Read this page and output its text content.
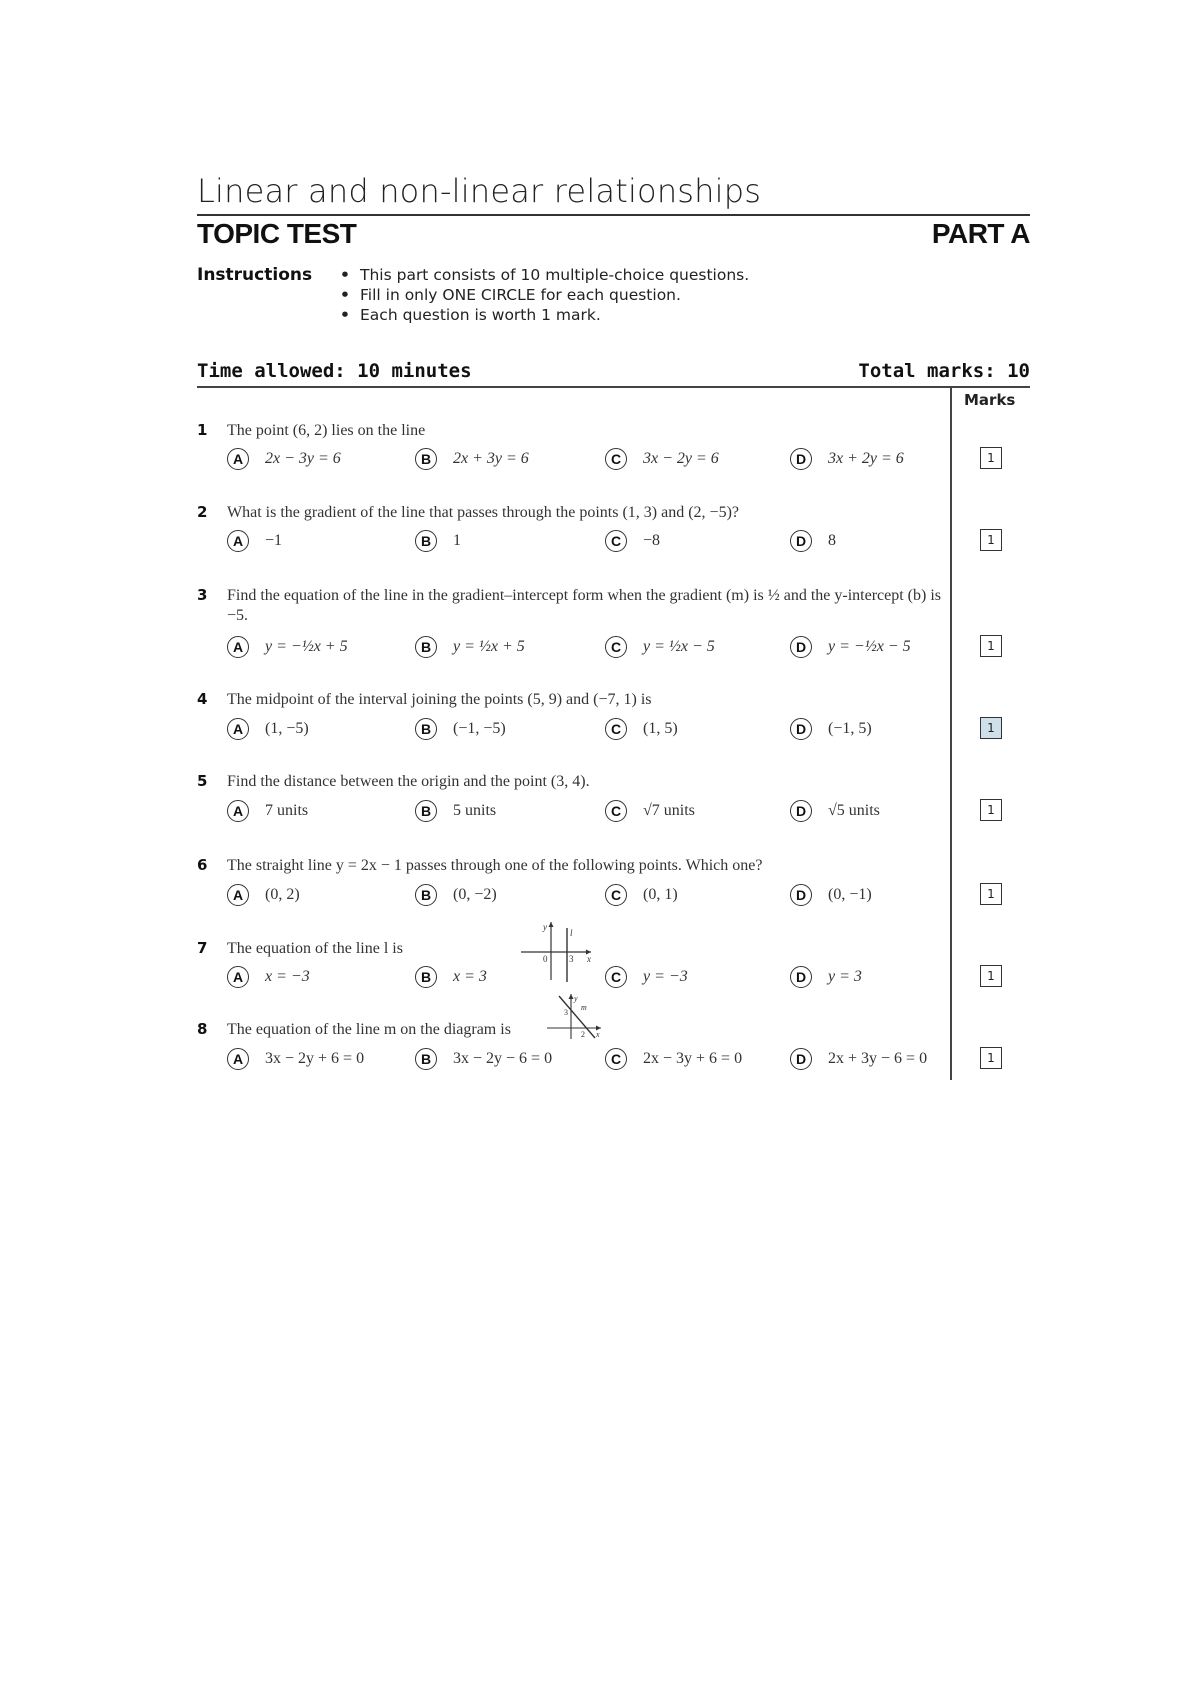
Linear and non-linear relationships
TOPIC TEST	PART A
Instructions
•	This part consists of 10 multiple-choice questions.
• Fill in only ONE CIRCLE for each question.
• Each question is worth 1 mark.
Time allowed: 10 minutes	Total marks: 10
Marks
1 The point (6, 2) lies on the line
A 2x − 3y = 6	B 2x + 3y = 6	C 3x − 2y = 6	D 3x + 2y = 6	1
2 What is the gradient of the line that passes through the points (1, 3) and (2, −5)?
A −1	B 1	C −8	D 8	1
3 Find the equation of the line in the gradient–intercept form when the gradient (m) is ½ and the y-intercept (b) is −5.
A y = −½x + 5	B y = ½x + 5	C y = ½x − 5	D y = −½x − 5	1
4 The midpoint of the interval joining the points (5, 9) and (−7, 1) is
A (1, −5)	B (−1, −5)	C (1, 5)	D (−1, 5)	1
5 Find the distance between the origin and the point (3, 4).
A 7 units	B 5 units	C √7 units	D √5 units	1
6 The straight line y = 2x − 1 passes through one of the following points. Which one?
A (0, 2)	B (0, −2)	C (0, 1)	D (0, −1)	1
7 The equation of the line l is
y
l
0 3 x
A x = −3	B x = 3	C y = −3	D y = 3	1
8 The equation of the line m on the diagram is
y
m
3
2 x
A 3x − 2y + 6 = 0	B 3x − 2y − 6 = 0	C 2x − 3y + 6 = 0	D 2x + 3y − 6 = 0	1
